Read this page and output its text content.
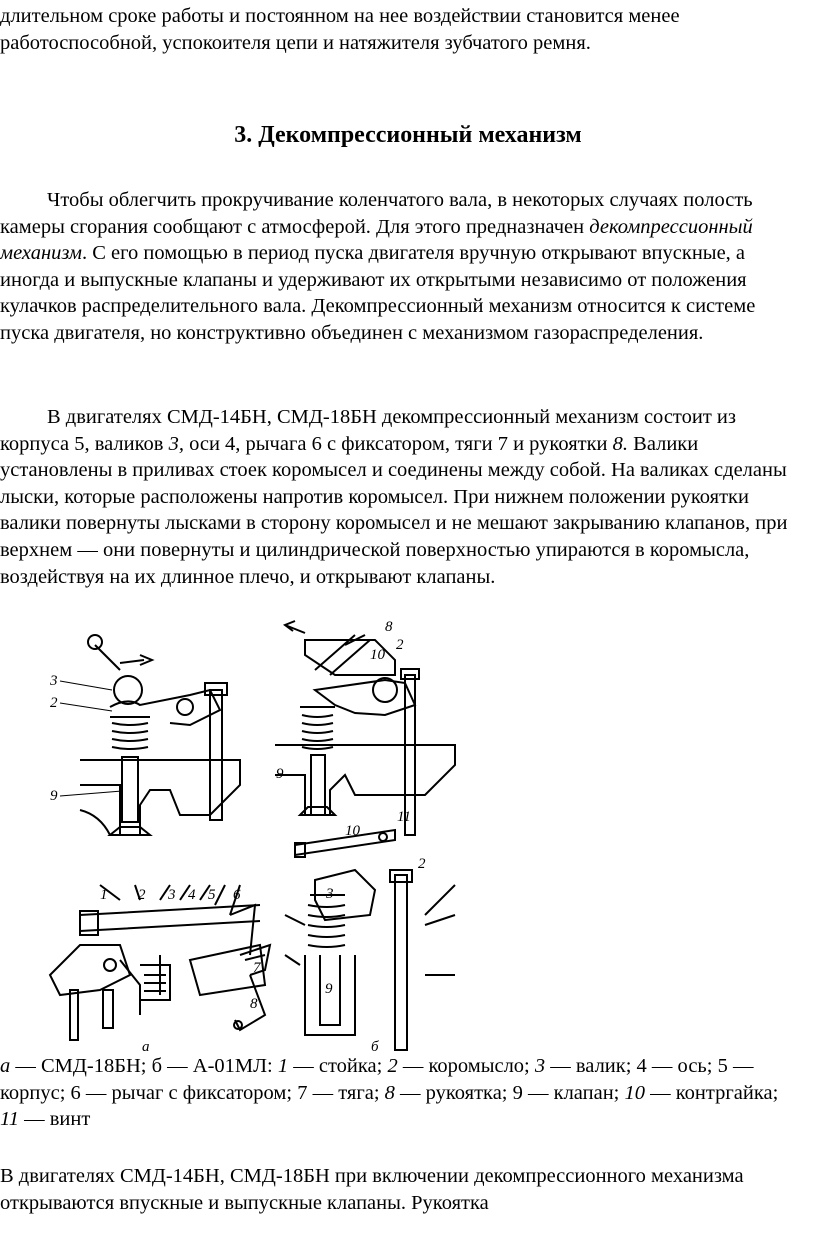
длительном сроке работы и постоянном на нее воздействии становится менее работоспособной, успокоителя цепи и натяжителя зубчатого ремня.

3. Декомпрессионный механизм

Чтобы облегчить прокручивание коленчатого вала, в некоторых случаях полость камеры сгорания сообщают с атмосферой. Для этого предназначен декомпрессионный механизм. С его помощью в период пуска двигателя вручную открывают впускные, а иногда и выпускные клапаны и удерживают их открытыми независимо от положения кулачков распределительного вала. Декомпрессионный механизм относится к системе пуска двигателя, но конструктивно объединен с механизмом газораспределения.

В двигателях СМД-14БН, СМД-18БН декомпрессионный механизм состоит из корпуса 5, валиков 3, оси 4, рычага 6 с фиксатором, тяги 7 и рукоятки 8. Валики установлены в приливах стоек коромысел и соединены между собой. На валиках сделаны лыски, которые расположены напротив коромысел. При нижнем положении рукоятки валики повернуты лысками в сторону коромысел и не мешают закрыванию клапанов, при верхнем — они повернуты и цилиндрической поверхностью упираются в коромысла, воздействуя на их длинное плечо, и открывают клапаны.

3
2
9
8
10
2
9
1 2 3 4 5 6
7
8
10
11
3
2
9
а	б

а — СМД-18БН; б — А-01МЛ: 1 — стойка; 2 — коромысло; 3 — валик; 4 — ось; 5 — корпус; 6 — рычаг с фиксатором; 7 — тяга; 8 — рукоятка; 9 — клапан; 10 — контргайка; 11 — винт

В двигателях СМД-14БН, СМД-18БН при включении декомпрессионного механизма открываются впускные и выпускные клапаны. Рукоятка
